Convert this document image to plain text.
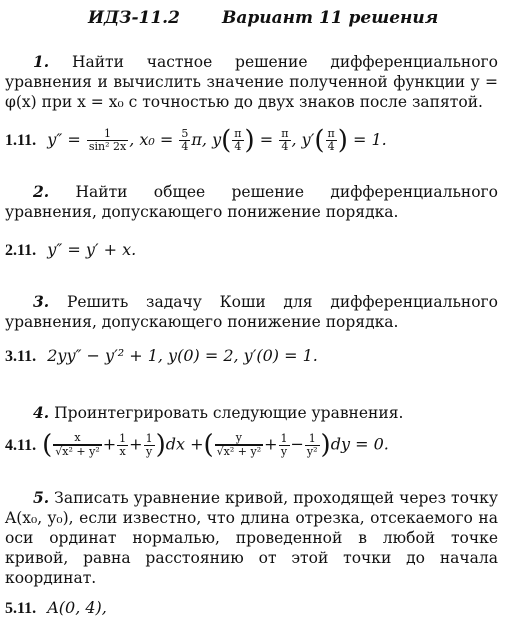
ИДЗ-11.2 Вариант 11 решения
1. Найти частное решение дифференциального уравнения и вычислить значение полученной функции y = φ(x) при x = x₀ с точностью до двух знаков после запятой.
1.11. $y'' = \frac{1}{\text{sin² 2x}}$ , $x_0 = \frac{5}{4} \pi$, $y( \frac{\pi}{4}$ ) = $\frac{\pi}{4}$ , $y'( \frac{\pi}{4}$ ) = 1.
2. Найти общее решение дифференциального уравнения, допускающего понижение порядка.
2.11. y″ = y′ + x.
3. Решить задачу Коши для дифференциального уравнения, допускающего понижение порядка.
3.11. 2yy″ − y′² + 1, y(0) = 2, y′(0) = 1.
4. Проинтегрировать следующие уравнения.
4.11. ( $\frac{x}{\text{√x² + y²}} + \frac{1}{x} + \frac{1}{y} )dx$ +( $\frac{y}{\text{√x² + y²}} + \frac{1}{y} - \frac{1}{\text{y²}} )dy = 0$.
5. Записать уравнение кривой, проходящей через точку A(x₀, y₀), если известно, что длина отрезка, отсекаемого на оси ординат нормалью, проведенной в любой точке кривой, равна расстоянию от этой точки до начала координат.
5.11. A(0, 4),
